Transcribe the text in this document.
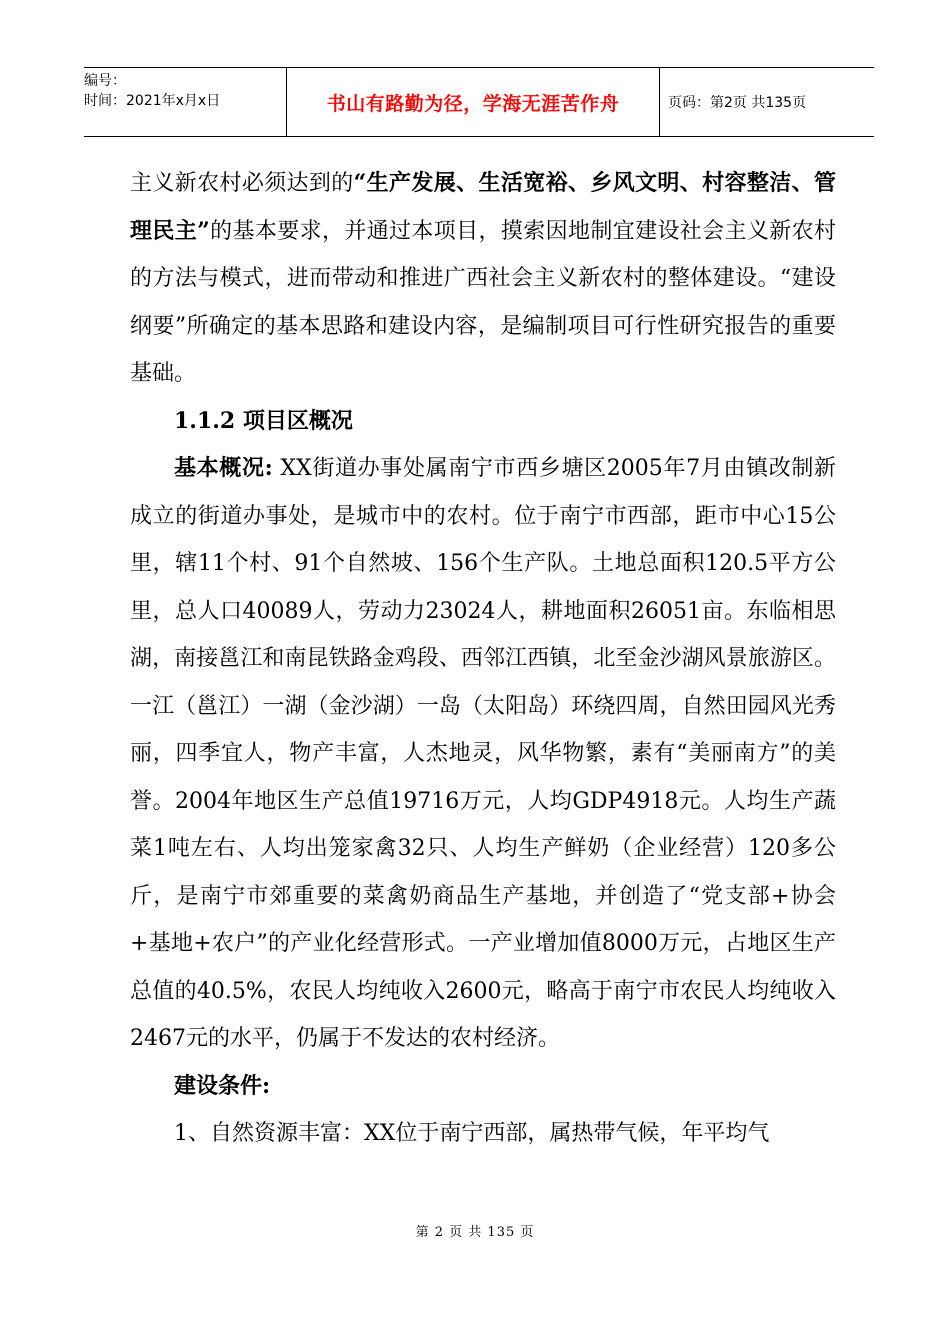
编号：
时间：2021年x月x日	书山有路勤为径，学海无涯苦作舟	页码：第2页 共135页

主义新农村必须达到的“生产发展、生活宽裕、乡风文明、村容整洁、管理民主”的基本要求，并通过本项目，摸索因地制宜建设社会主义新农村的方法与模式，进而带动和推进广西社会主义新农村的整体建设。“建设纲要”所确定的基本思路和建设内容，是编制项目可行性研究报告的重要基础。

1.1.2 项目区概况

基本概况: XX街道办事处属南宁市西乡塘区2005年7月由镇改制新成立的街道办事处，是城市中的农村。位于南宁市西部，距市中心15公里，辖11个村、91个自然坡、156个生产队。土地总面积120.5平方公里，总人口40089人，劳动力23024人，耕地面积26051亩。东临相思湖，南接邕江和南昆铁路金鸡段、西邻江西镇，北至金沙湖风景旅游区。一江（邕江）一湖（金沙湖）一岛（太阳岛）环绕四周，自然田园风光秀丽，四季宜人，物产丰富，人杰地灵，风华物繁，素有“美丽南方”的美誉。2004年地区生产总值19716万元，人均GDP4918元。人均生产蔬菜1吨左右、人均出笼家禽32只、人均生产鲜奶（企业经营）120多公斤，是南宁市郊重要的菜禽奶商品生产基地，并创造了“党支部+协会+基地+农户”的产业化经营形式。一产业增加值8000万元，占地区生产总值的40.5%，农民人均纯收入2600元，略高于南宁市农民人均纯收入2467元的水平，仍属于不发达的农村经济。

建设条件:

1、自然资源丰富：XX位于南宁西部，属热带气候，年平均气

第 2 页 共 135 页
